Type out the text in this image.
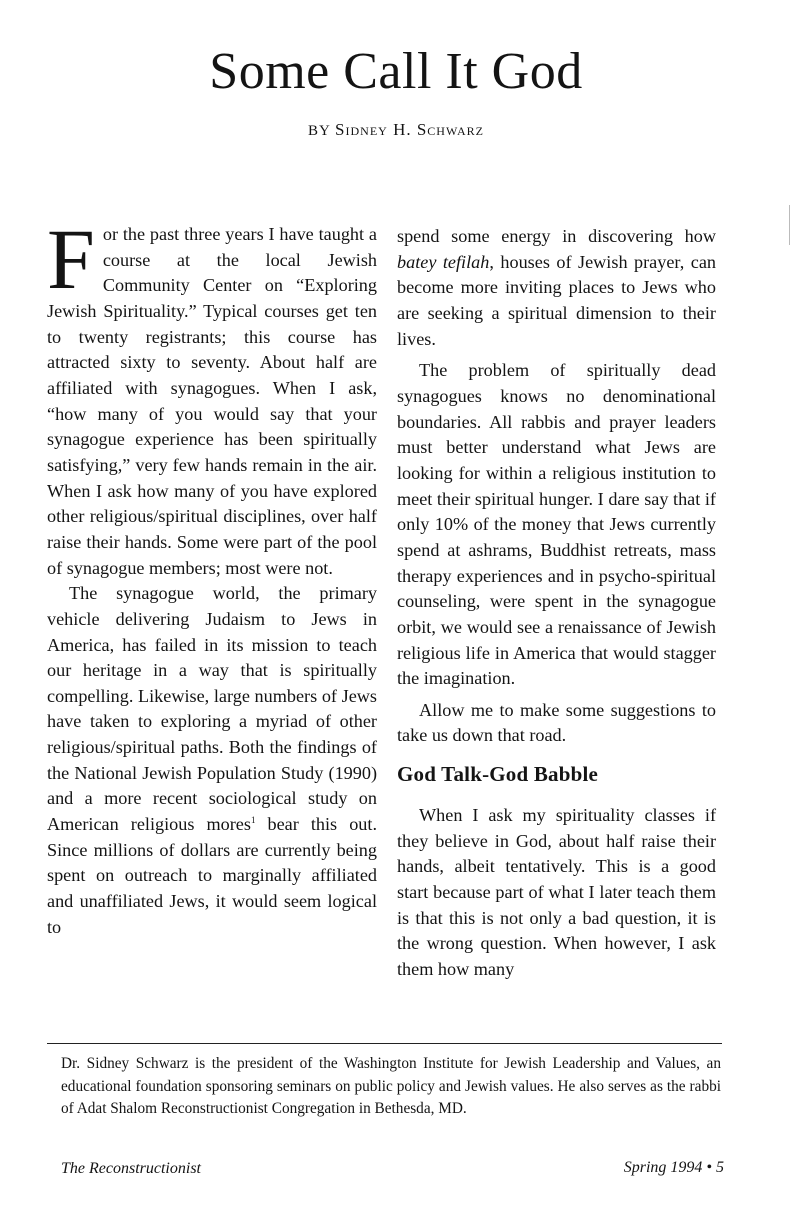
Some Call It God
BY Sidney H. Schwarz

For the past three years I have taught a course at the local Jewish Community Center on “Exploring Jewish Spirituality.” Typical courses get ten to twenty registrants; this course has attracted sixty to seventy. About half are affiliated with synagogues. When I ask, “how many of you would say that your synagogue experience has been spiritually satisfying,” very few hands remain in the air. When I ask how many of you have explored other religious/spiritual disciplines, over half raise their hands. Some were part of the pool of synagogue members; most were not.

The synagogue world, the primary vehicle delivering Judaism to Jews in America, has failed in its mission to teach our heritage in a way that is spiritually compelling. Likewise, large numbers of Jews have taken to exploring a myriad of other religious/spiritual paths. Both the findings of the National Jewish Population Study (1990) and a more recent sociological study on American religious mores$^1$ bear this out. Since millions of dollars are currently being spent on outreach to marginally affiliated and unaffiliated Jews, it would seem logical to

spend some energy in discovering how batey tefilah, houses of Jewish prayer, can become more inviting places to Jews who are seeking a spiritual dimension to their lives.

The problem of spiritually dead synagogues knows no denominational boundaries. All rabbis and prayer leaders must better understand what Jews are looking for within a religious institution to meet their spiritual hunger. I dare say that if only 10% of the money that Jews currently spend at ashrams, Buddhist retreats, mass therapy experiences and in psycho-spiritual counseling, were spent in the synagogue orbit, we would see a renaissance of Jewish religious life in America that would stagger the imagination.

Allow me to make some suggestions to take us down that road.

God Talk-God Babble

When I ask my spirituality classes if they believe in God, about half raise their hands, albeit tentatively. This is a good start because part of what I later teach them is that this is not only a bad question, it is the wrong question. When however, I ask them how many

Dr. Sidney Schwarz is the president of the Washington Institute for Jewish Leadership and Values, an educational foundation sponsoring seminars on public policy and Jewish values. He also serves as the rabbi of Adat Shalom Reconstructionist Congregation in Bethesda, MD.
The Reconstructionist	Spring 1994 • 5
